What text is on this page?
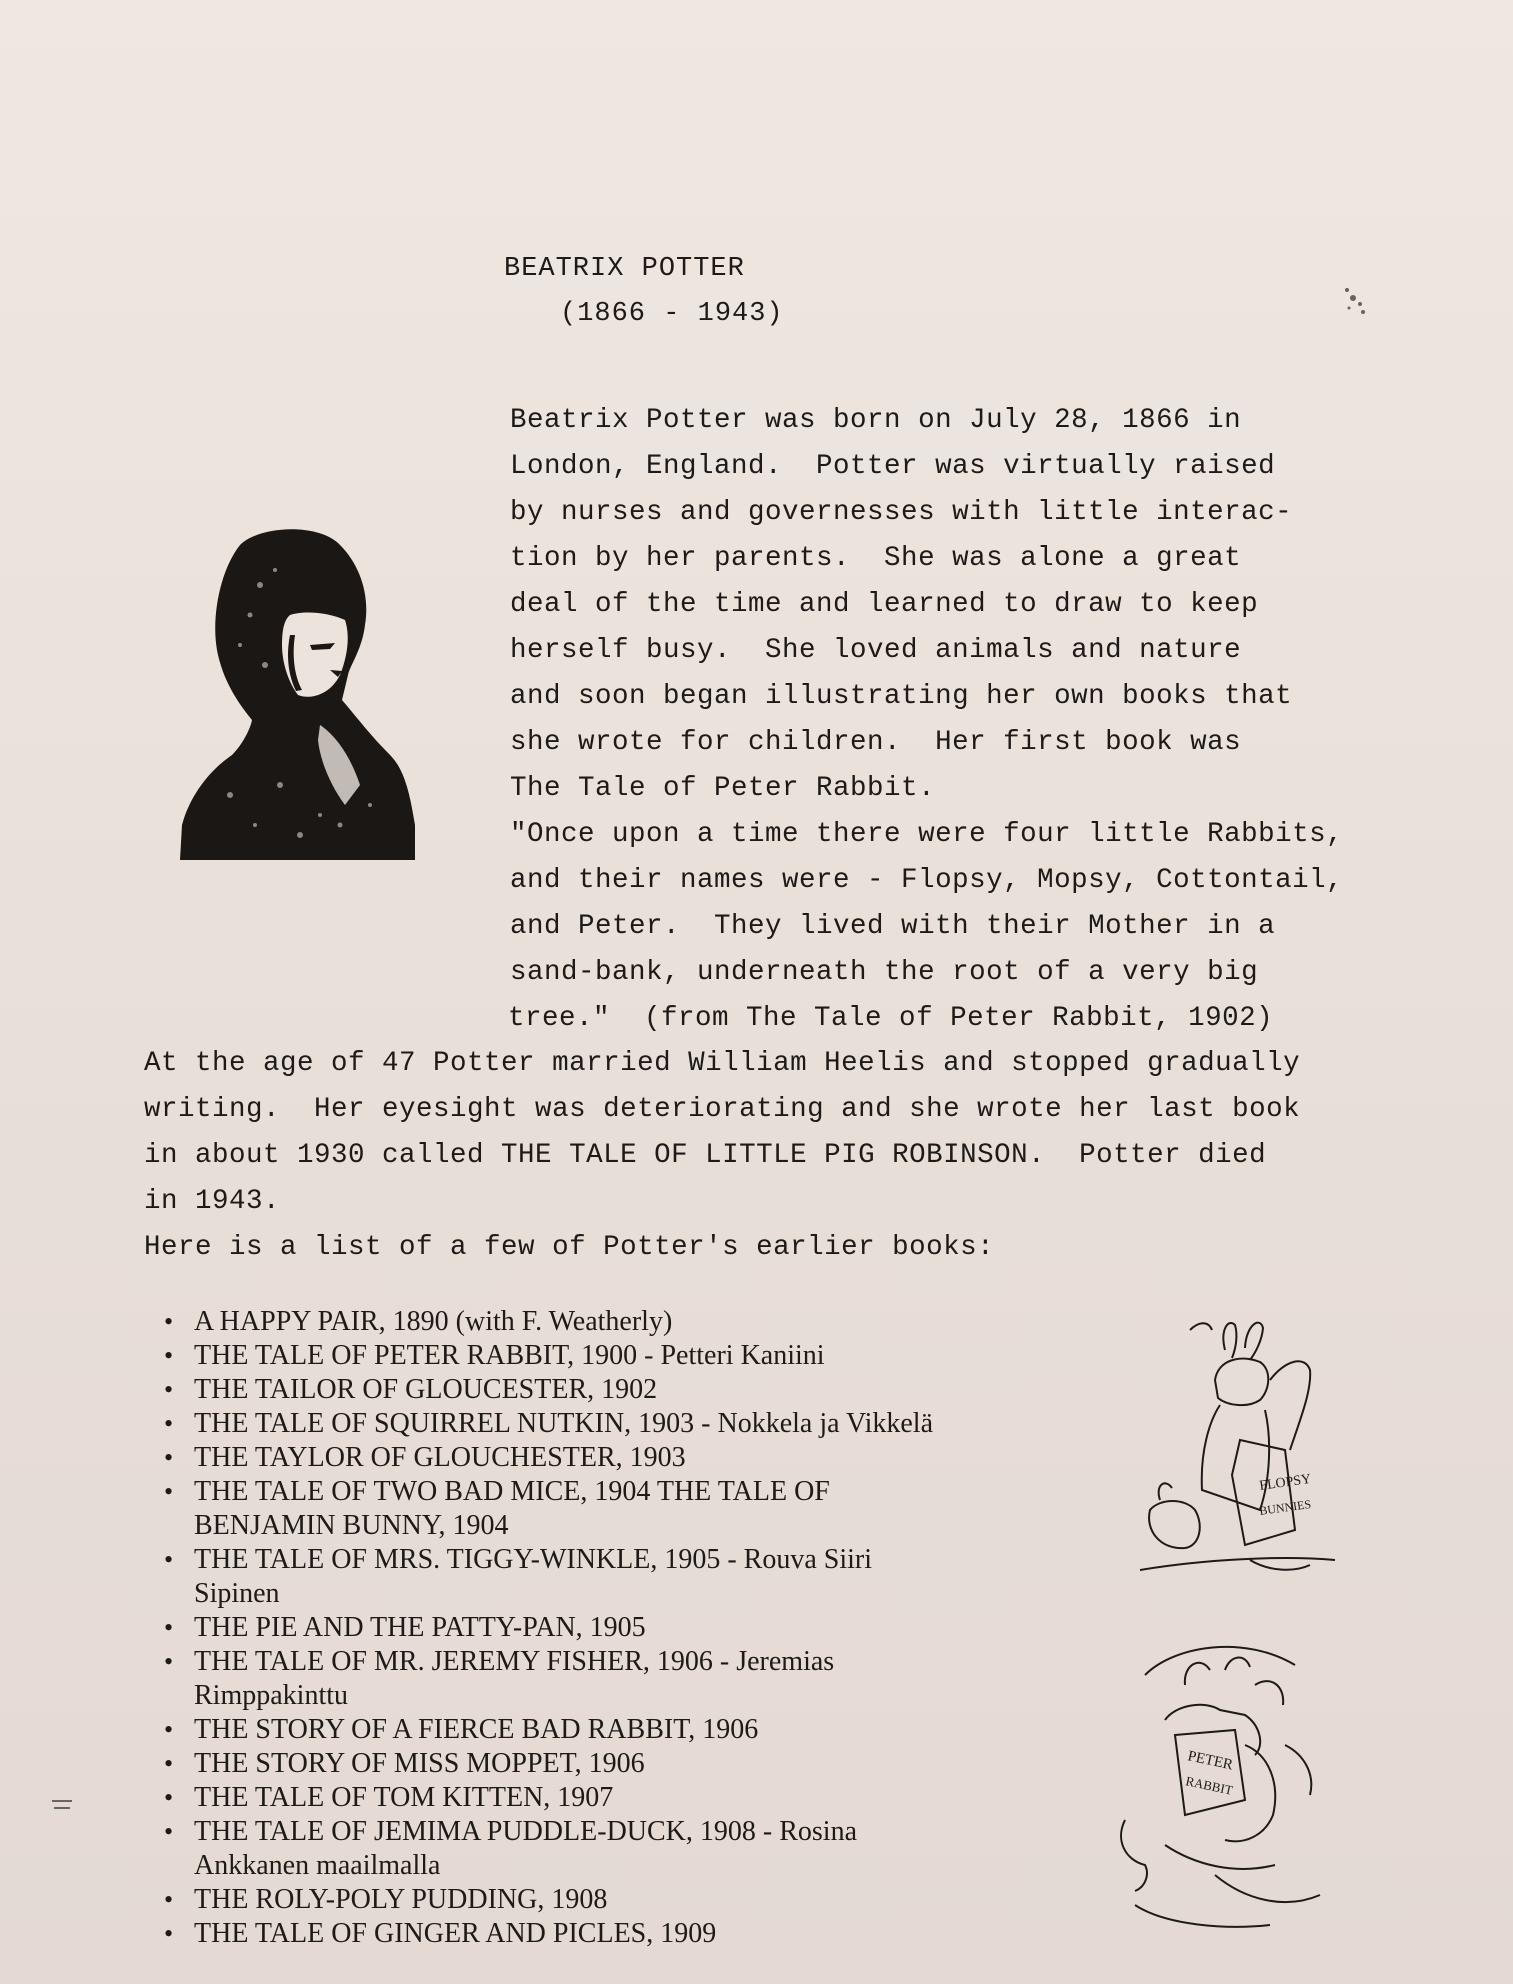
BEATRIX POTTER
(1866 - 1943)
Beatrix Potter was born on July 28, 1866 in
London, England.  Potter was virtually raised
by nurses and governesses with little interac-
tion by her parents.  She was alone a great
deal of the time and learned to draw to keep
herself busy.  She loved animals and nature
and soon began illustrating her own books that
she wrote for children.  Her first book was
The Tale of Peter Rabbit.
"Once upon a time there were four little Rabbits,
and their names were - Flopsy, Mopsy, Cottontail,
and Peter.  They lived with their Mother in a
sand-bank, underneath the root of a very big
tree."  (from The Tale of Peter Rabbit, 1902)
At the age of 47 Potter married William Heelis and stopped gradually
writing.  Her eyesight was deteriorating and she wrote her last book
in about 1930 called THE TALE OF LITTLE PIG ROBINSON.  Potter died
in 1943.
Here is a list of a few of Potter's earlier books:
• A HAPPY PAIR, 1890 (with F. Weatherly)
• THE TALE OF PETER RABBIT, 1900 - Petteri Kaniini
• THE TAILOR OF GLOUCESTER, 1902
• THE TALE OF SQUIRREL NUTKIN, 1903 - Nokkela ja Vikkelä
• THE TAYLOR OF GLOUCHESTER, 1903
• THE TALE OF TWO BAD MICE, 1904 THE TALE OF BENJAMIN BUNNY, 1904
• THE TALE OF MRS. TIGGY-WINKLE, 1905 - Rouva Siiri Sipinen
• THE PIE AND THE PATTY-PAN, 1905
• THE TALE OF MR. JEREMY FISHER, 1906 - Jeremias Rimppakinttu
• THE STORY OF A FIERCE BAD RABBIT, 1906
• THE STORY OF MISS MOPPET, 1906
• THE TALE OF TOM KITTEN, 1907
• THE TALE OF JEMIMA PUDDLE-DUCK, 1908 - Rosina Ankkanen maailmalla
• THE ROLY-POLY PUDDING, 1908
• THE TALE OF GINGER AND PICLES, 1909
FLOPSY
BUNNIES
PETER
RABBIT
